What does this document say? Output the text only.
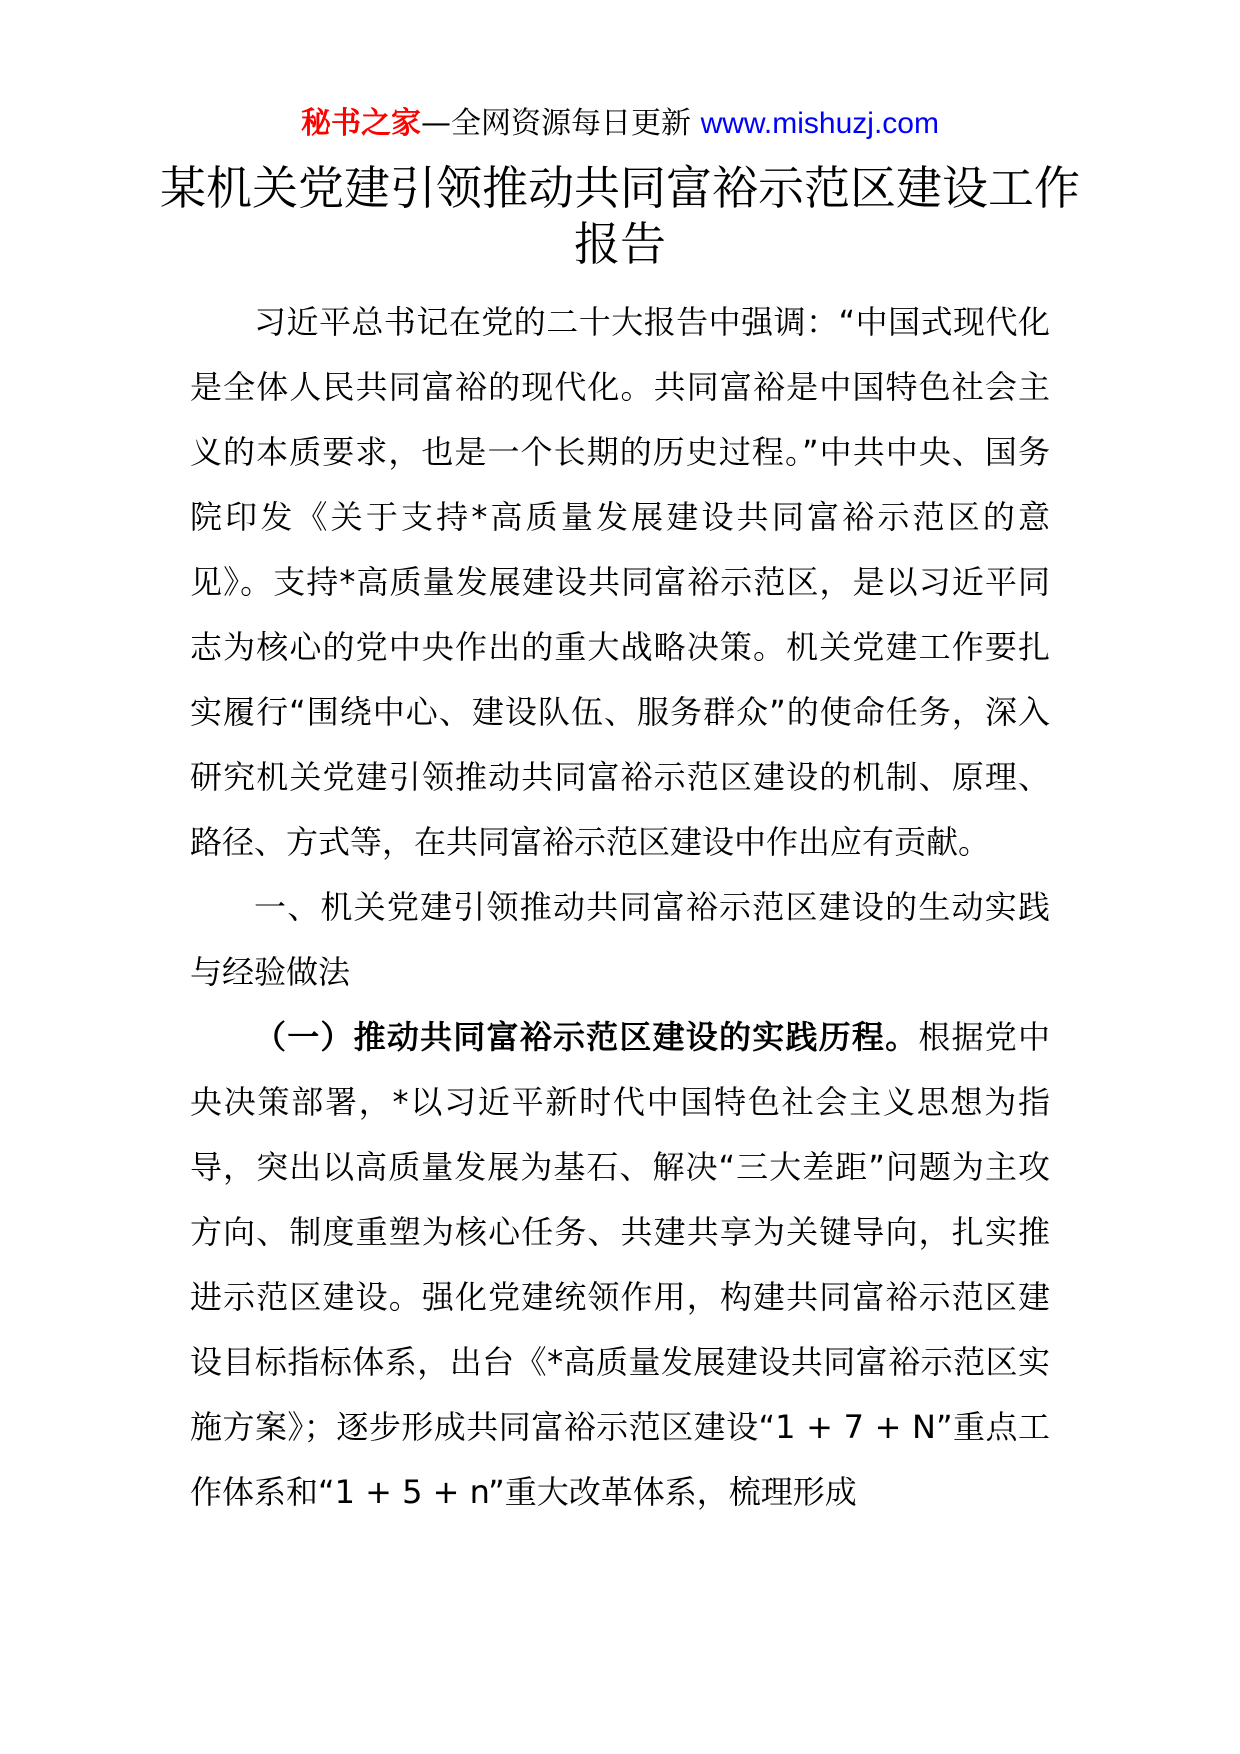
秘书之家—全网资源每日更新 www.mishuzj.com
某机关党建引领推动共同富裕示范区建设工作报告

习近平总书记在党的二十大报告中强调：“中国式现代化是全体人民共同富裕的现代化。共同富裕是中国特色社会主义的本质要求，也是一个长期的历史过程。”中共中央、国务院印发《关于支持*高质量发展建设共同富裕示范区的意见》。支持*高质量发展建设共同富裕示范区，是以习近平同志为核心的党中央作出的重大战略决策。机关党建工作要扎实履行“围绕中心、建设队伍、服务群众”的使命任务，深入研究机关党建引领推动共同富裕示范区建设的机制、原理、路径、方式等，在共同富裕示范区建设中作出应有贡献。

一、机关党建引领推动共同富裕示范区建设的生动实践与经验做法

（一）推动共同富裕示范区建设的实践历程。根据党中央决策部署，*以习近平新时代中国特色社会主义思想为指导，突出以高质量发展为基石、解决“三大差距”问题为主攻方向、制度重塑为核心任务、共建共享为关键导向，扎实推进示范区建设。强化党建统领作用，构建共同富裕示范区建设目标指标体系，出台《*高质量发展建设共同富裕示范区实施方案》；逐步形成共同富裕示范区建设“1 + 7 + N”重点工作体系和“1 + 5 + n”重大改革体系，梳理形成
